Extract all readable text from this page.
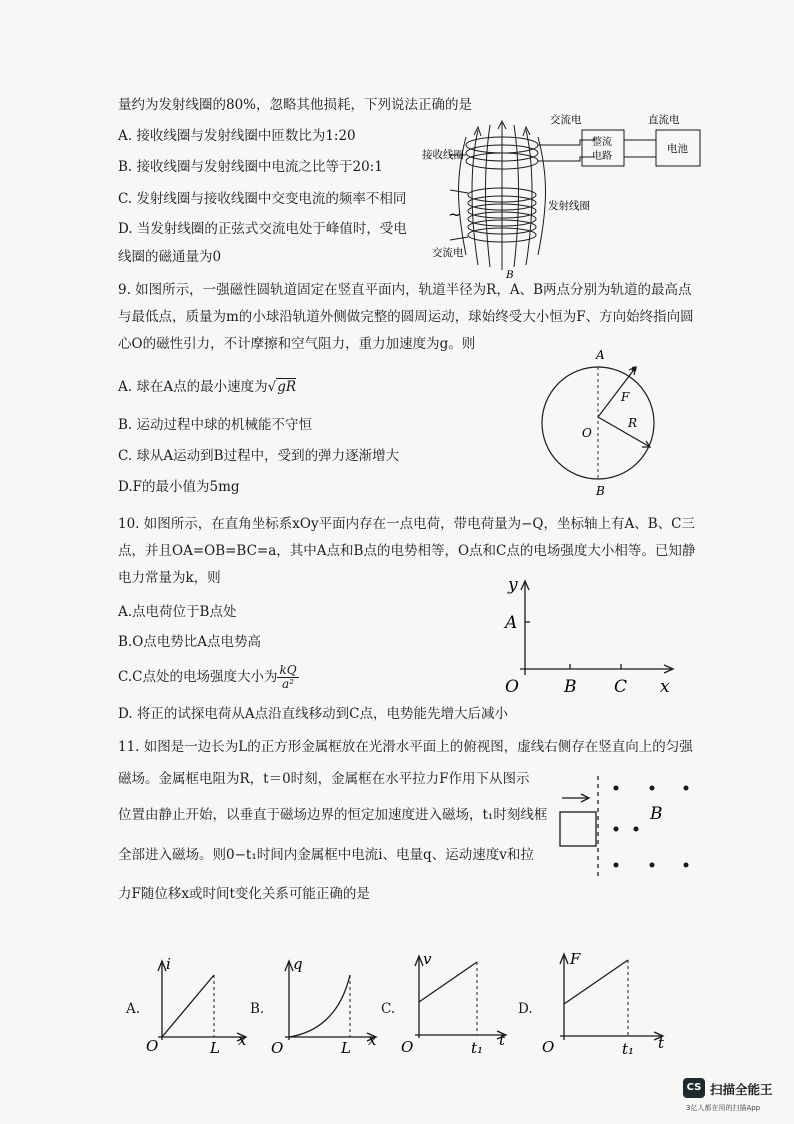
量约为发射线圈的80%，忽略其他损耗，下列说法正确的是
A. 接收线圈与发射线圈中匝数比为1:20
B. 接收线圈与发射线圈中电流之比等于20:1
C. 发射线圈与接收线圈中交变电流的频率不相同
D. 当发射线圈的正弦式交流电处于峰值时，受电
线圈的磁通量为0
交流电	直流电
整流
电路
电池
接收线圈
发射线圈
~
交流电
B
9. 如图所示，一强磁性圆轨道固定在竖直平面内，轨道半径为R，A、B两点分别为轨道的最高点
与最低点，质量为m的小球沿轨道外侧做完整的圆周运动，球始终受大小恒为F、方向始终指向圆
心O的磁性引力，不计摩擦和空气阻力，重力加速度为g。则
A. 球在A点的最小速度为√gR
B. 运动过程中球的机械能不守恒
C. 球从A运动到B过程中，受到的弹力逐渐增大
D.F的最小值为5mg
A
B
O
F
R
10. 如图所示，在直角坐标系xOy平面内存在一点电荷，带电荷量为−Q，坐标轴上有A、B、C三
点，并且OA=OB=BC=a，其中A点和B点的电势相等，O点和C点的电场强度大小相等。已知静
电力常量为k，则
A.点电荷位于B点处
B.O点电势比A点电势高
C.C点处的电场强度大小为 $\frac{kQ}{\text{a²}}$
D. 将正的试探电荷从A点沿直线移动到C点，电势能先增大后减小
y
A
O	B C x
11. 如图是一边长为L的正方形金属框放在光滑水平面上的俯视图，虚线右侧存在竖直向上的匀强
磁场。金属框电阻为R，t＝0时刻，金属框在水平拉力F作用下从图示
位置由静止开始，以垂直于磁场边界的恒定加速度进入磁场，t₁时刻线框
全部进入磁场。则0−t₁时间内金属框中电流i、电量q、运动速度v和拉
力F随位移x或时间t变化关系可能正确的是
B
A.
i
O	L x
B.
q
O	L x
C.
v
O	t₁ t
D.
F
O	t₁ t
CS 扫描全能王
3亿人都在用的扫描App
